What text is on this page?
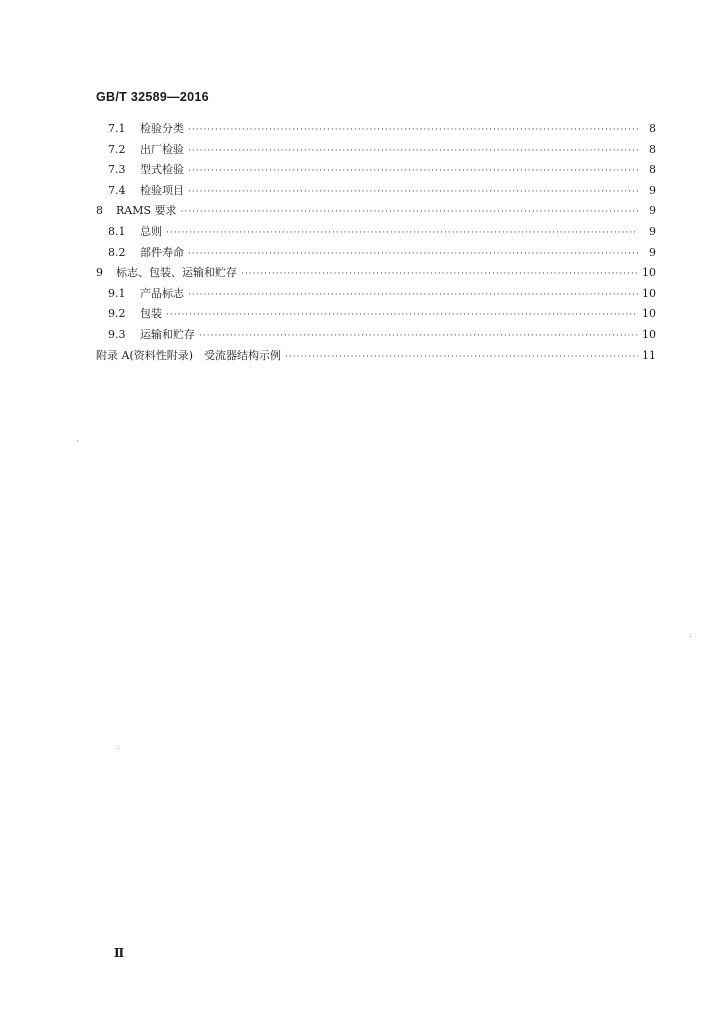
GB/T 32589—2016
7.1	检验分类 ·····	8
7.2	出厂检验 ·····	8
7.3	型式检验 ·····	8
7.4	检验项目 ·····	9
8	RAMS 要求 ·····	9
8.1	总则 ·····	9
8.2	部件寿命 ·····	9
9	标志、包装、运输和贮存 ·····	10
9.1	产品标志 ·····	10
9.2	包装 ·····	10
9.3	运输和贮存 ·····	10
附录 A(资料性附录)　受流器结构示例 ·····	11
Ⅱ
